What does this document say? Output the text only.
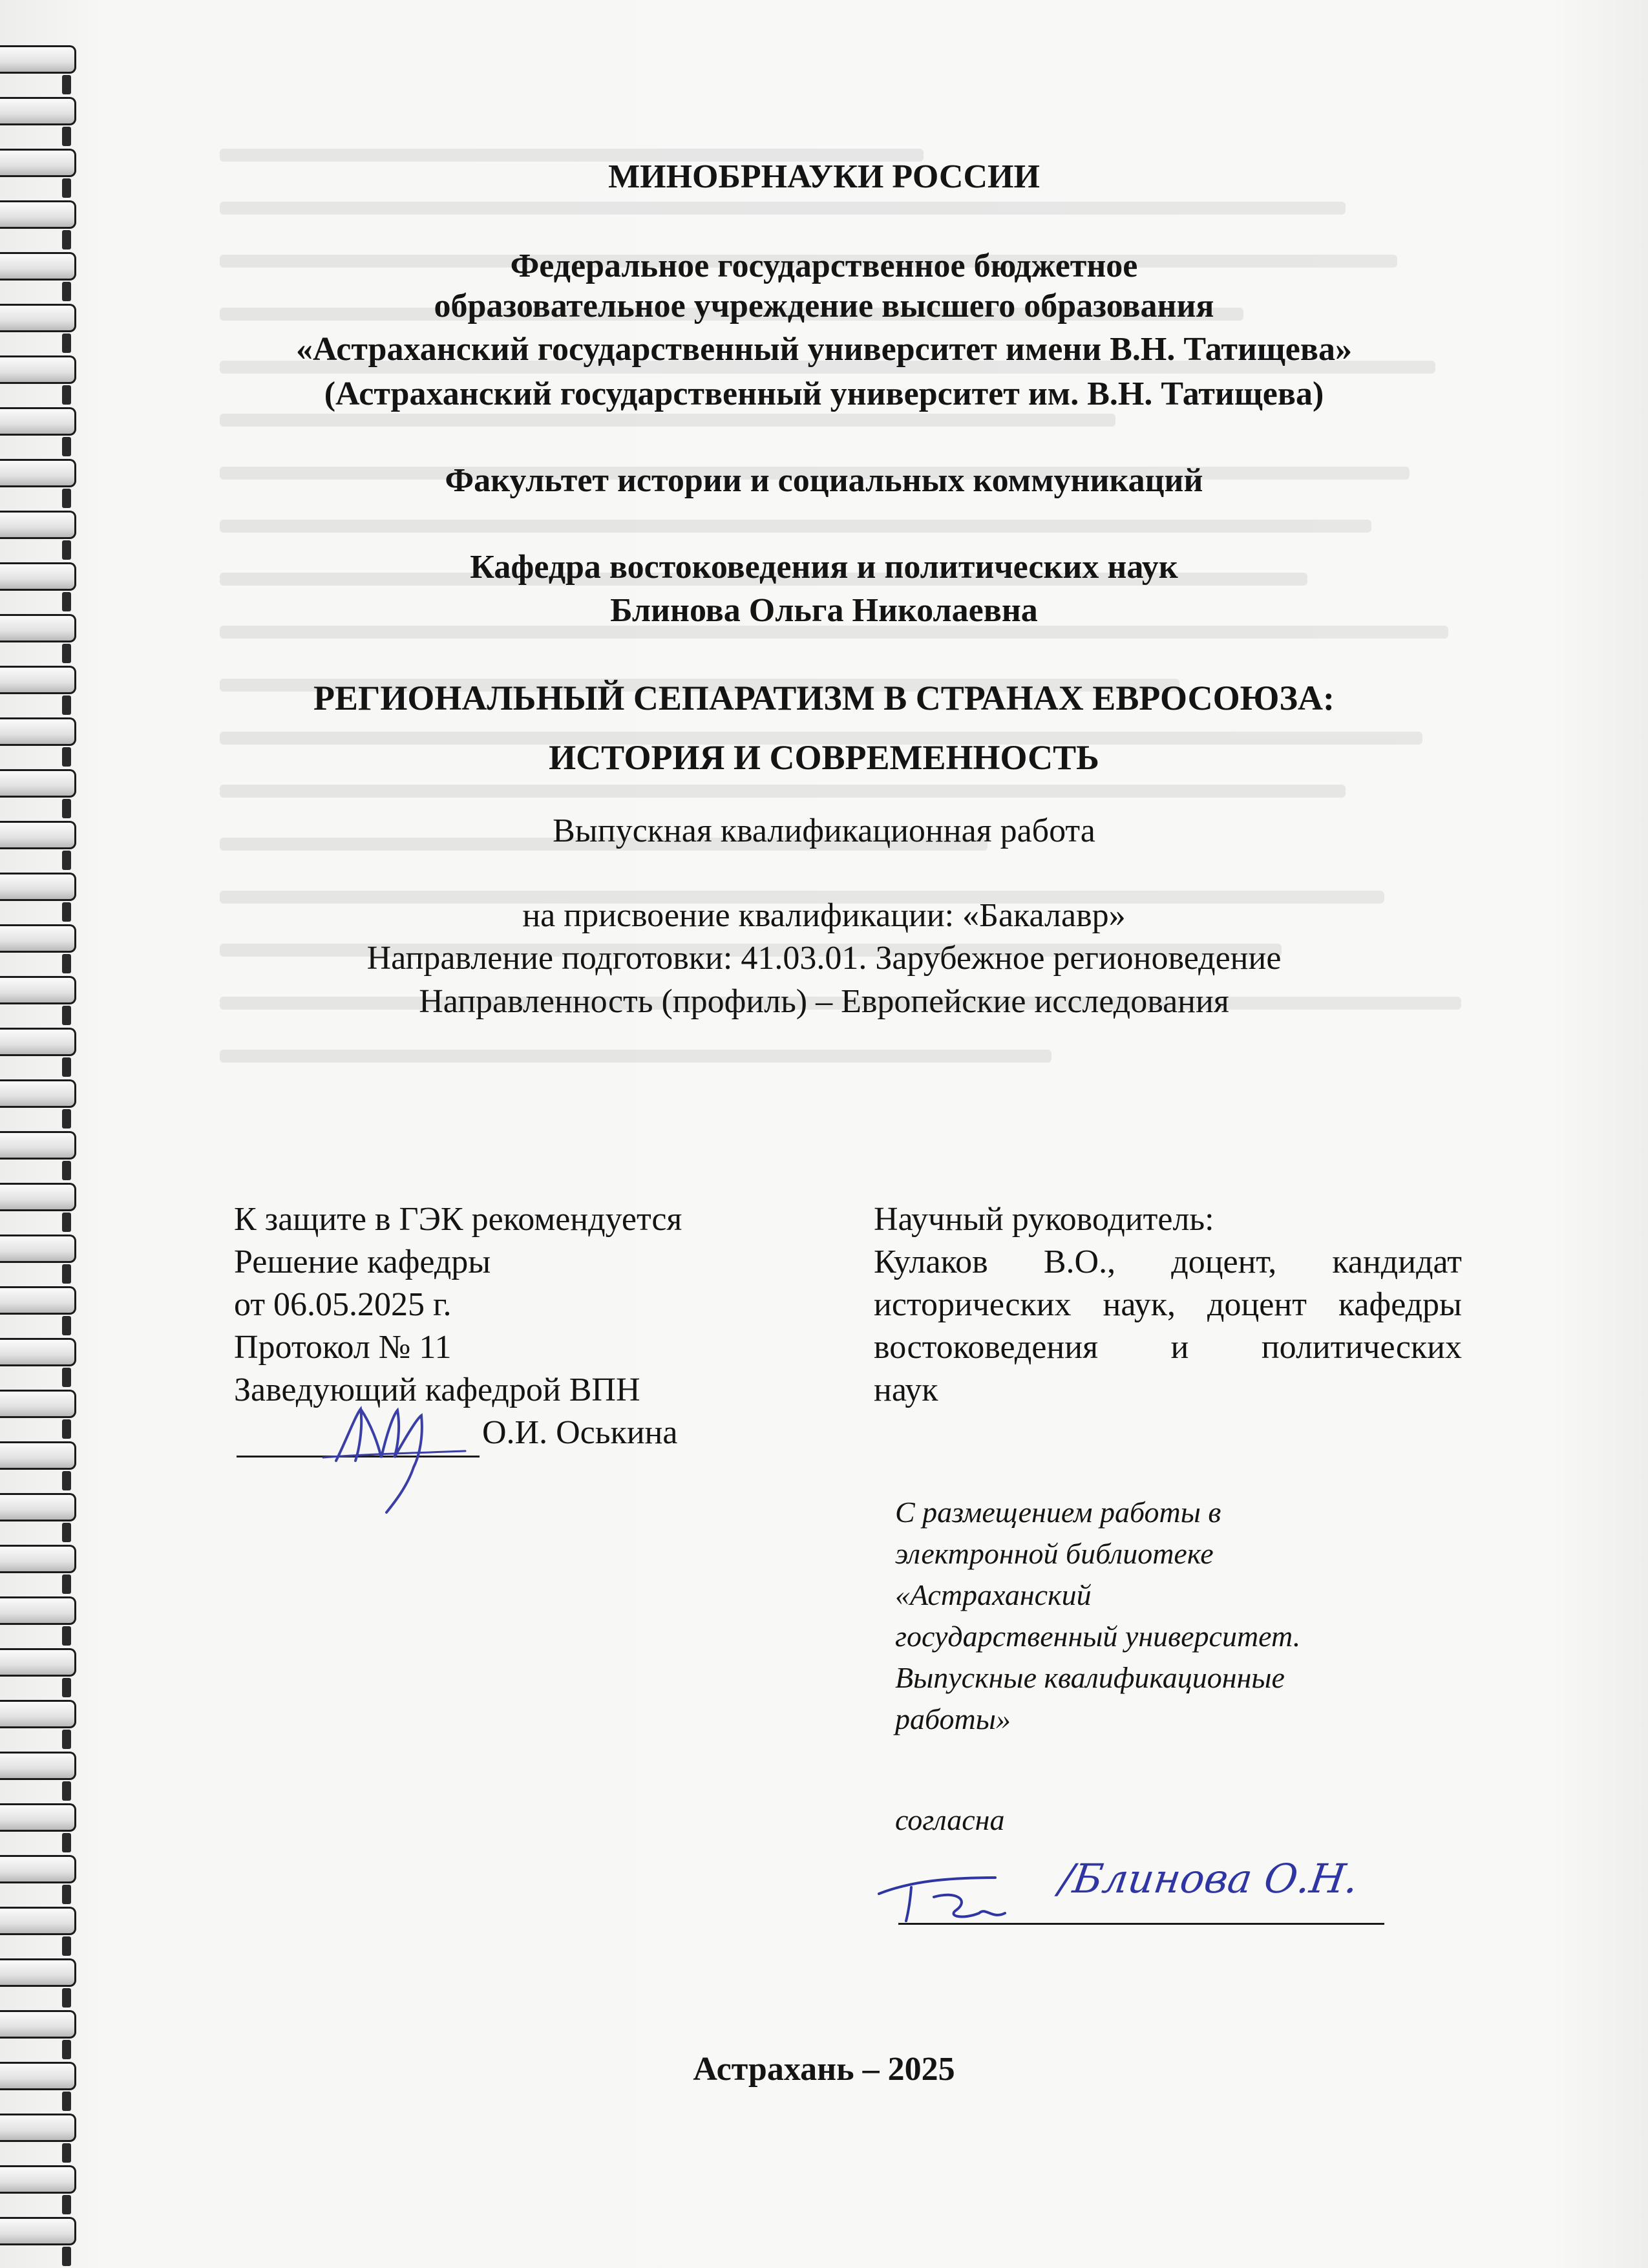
МИНОБРНАУКИ РОССИИ
Федеральное государственное бюджетное
образовательное учреждение высшего образования
«Астраханский государственный университет имени В.Н. Татищева»
(Астраханский государственный университет им. В.Н. Татищева)
Факультет истории и социальных коммуникаций
Кафедра востоковедения и политических наук
Блинова Ольга Николаевна
РЕГИОНАЛЬНЫЙ СЕПАРАТИЗМ В СТРАНАХ ЕВРОСОЮЗА:
ИСТОРИЯ И СОВРЕМЕННОСТЬ
Выпускная квалификационная работа
на присвоение квалификации: «Бакалавр»
Направление подготовки: 41.03.01. Зарубежное регионоведение
Направленность (профиль) – Европейские исследования
К защите в ГЭК рекомендуется
Решение кафедры
от 06.05.2025 г.
Протокол № 11
Заведующий кафедрой ВПН
О.И. Оськина
Научный руководитель:
Кулаков В.О., доцент, кандидат
исторических наук, доцент кафедры
востоковедения и политических
наук
С размещением работы в
электронной библиотеке
«Астраханский
государственный университет.
Выпускные квалификационные
работы»
согласна
/Блинова О.Н.
Астрахань – 2025
